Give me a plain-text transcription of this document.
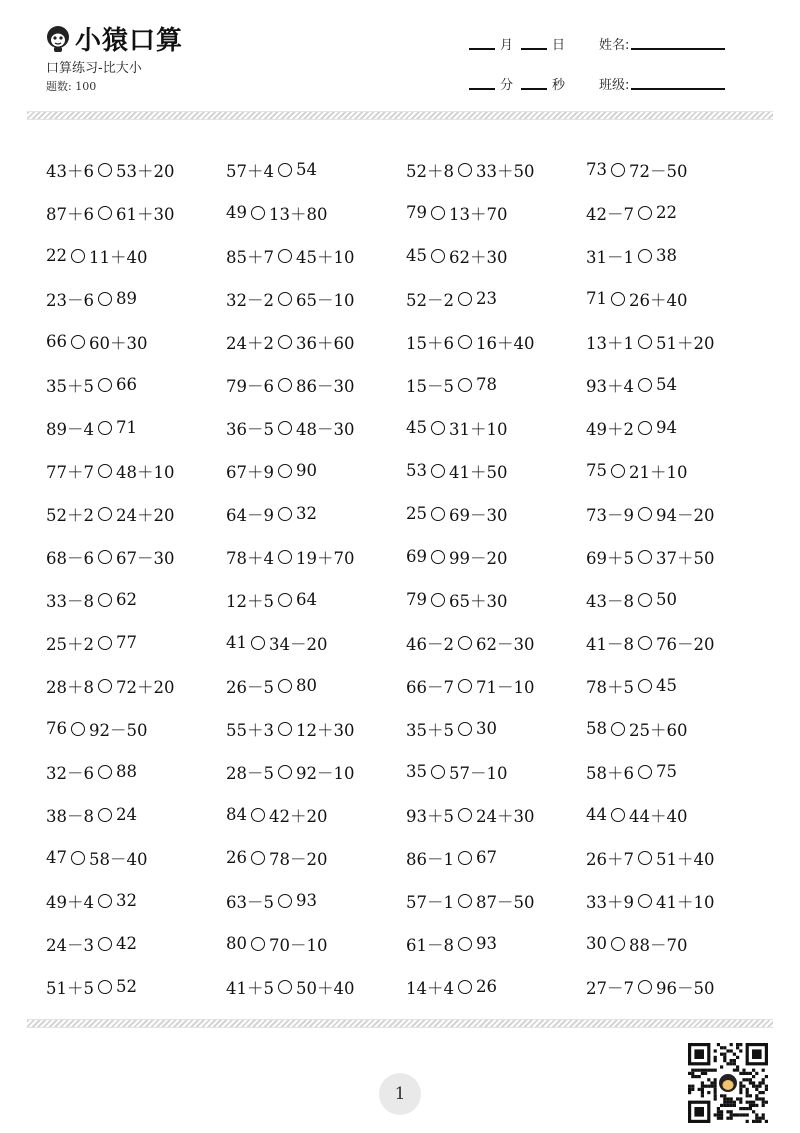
小猿口算
口算练习-比大小
题数: 100
月	日	姓名:
分	秒	班级:
43＋6 53＋20	57＋4 54	52＋8 33＋50	73 72－50
87＋6 61＋30	49 13＋80	79 13＋70	42－7 22
22 11＋40	85＋7 45＋10	45 62＋30	31－1 38
23－6 89	32－2 65－10	52－2 23	71 26＋40
66 60＋30	24＋2 36＋60	15＋6 16＋40	13＋1 51＋20
35＋5 66	79－6 86－30	15－5 78	93＋4 54
89－4 71	36－5 48－30	45 31＋10	49＋2 94
77＋7 48＋10	67＋9 90	53 41＋50	75 21＋10
52＋2 24＋20	64－9 32	25 69－30	73－9 94－20
68－6 67－30	78＋4 19＋70	69 99－20	69＋5 37＋50
33－8 62	12＋5 64	79 65＋30	43－8 50
25＋2 77	41 34－20	46－2 62－30	41－8 76－20
28＋8 72＋20	26－5 80	66－7 71－10	78＋5 45
76 92－50	55＋3 12＋30	35＋5 30	58 25＋60
32－6 88	28－5 92－10	35 57－10	58＋6 75
38－8 24	84 42＋20	93＋5 24＋30	44 44＋40
47 58－40	26 78－20	86－1 67	26＋7 51＋40
49＋4 32	63－5 93	57－1 87－50	33＋9 41＋10
24－3 42	80 70－10	61－8 93	30 88－70
51＋5 52	41＋5 50＋40	14＋4 26	27－7 96－50
1
